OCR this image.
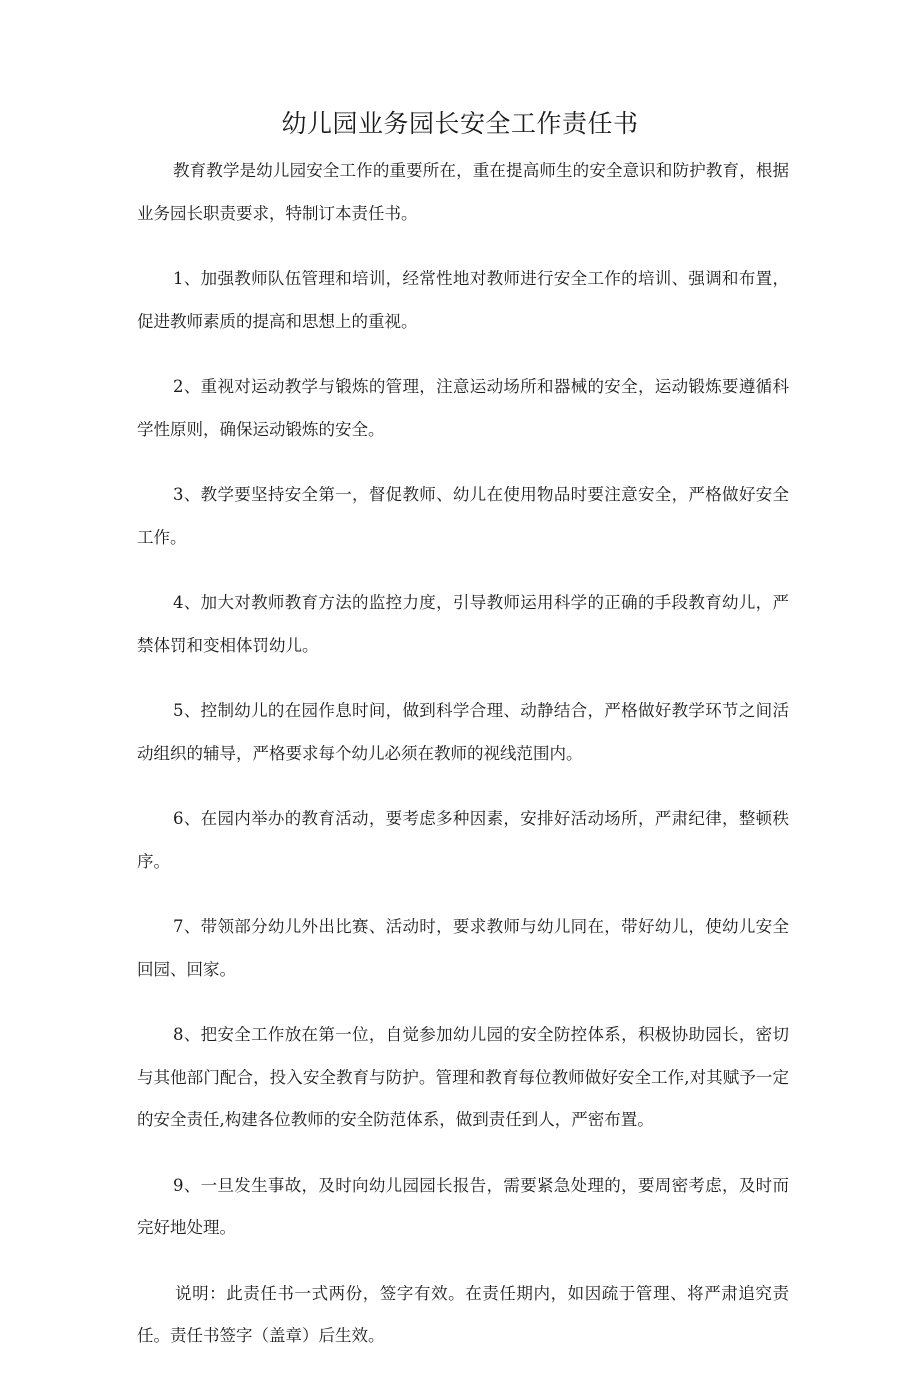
幼儿园业务园长安全工作责任书

教育教学是幼儿园安全工作的重要所在，重在提高师生的安全意识和防护教育，根据业务园长职责要求，特制订本责任书。

1、加强教师队伍管理和培训，经常性地对教师进行安全工作的培训、强调和布置，促进教师素质的提高和思想上的重视。

2、重视对运动教学与锻炼的管理，注意运动场所和器械的安全，运动锻炼要遵循科学性原则，确保运动锻炼的安全。

3、教学要坚持安全第一，督促教师、幼儿在使用物品时要注意安全，严格做好安全工作。

4、加大对教师教育方法的监控力度，引导教师运用科学的正确的手段教育幼儿，严禁体罚和变相体罚幼儿。

5、控制幼儿的在园作息时间，做到科学合理、动静结合，严格做好教学环节之间活动组织的辅导，严格要求每个幼儿必须在教师的视线范围内。

6、在园内举办的教育活动，要考虑多种因素，安排好活动场所，严肃纪律，整顿秩序。

7、带领部分幼儿外出比赛、活动时，要求教师与幼儿同在，带好幼儿，使幼儿安全回园、回家。

8、把安全工作放在第一位，自觉参加幼儿园的安全防控体系，积极协助园长，密切与其他部门配合，投入安全教育与防护。管理和教育每位教师做好安全工作,对其赋予一定的安全责任,构建各位教师的安全防范体系，做到责任到人，严密布置。

9、一旦发生事故，及时向幼儿园园长报告，需要紧急处理的，要周密考虑，及时而完好地处理。

说明：此责任书一式两份，签字有效。在责任期内，如因疏于管理、将严肃追究责任。责任书签字（盖章）后生效。
